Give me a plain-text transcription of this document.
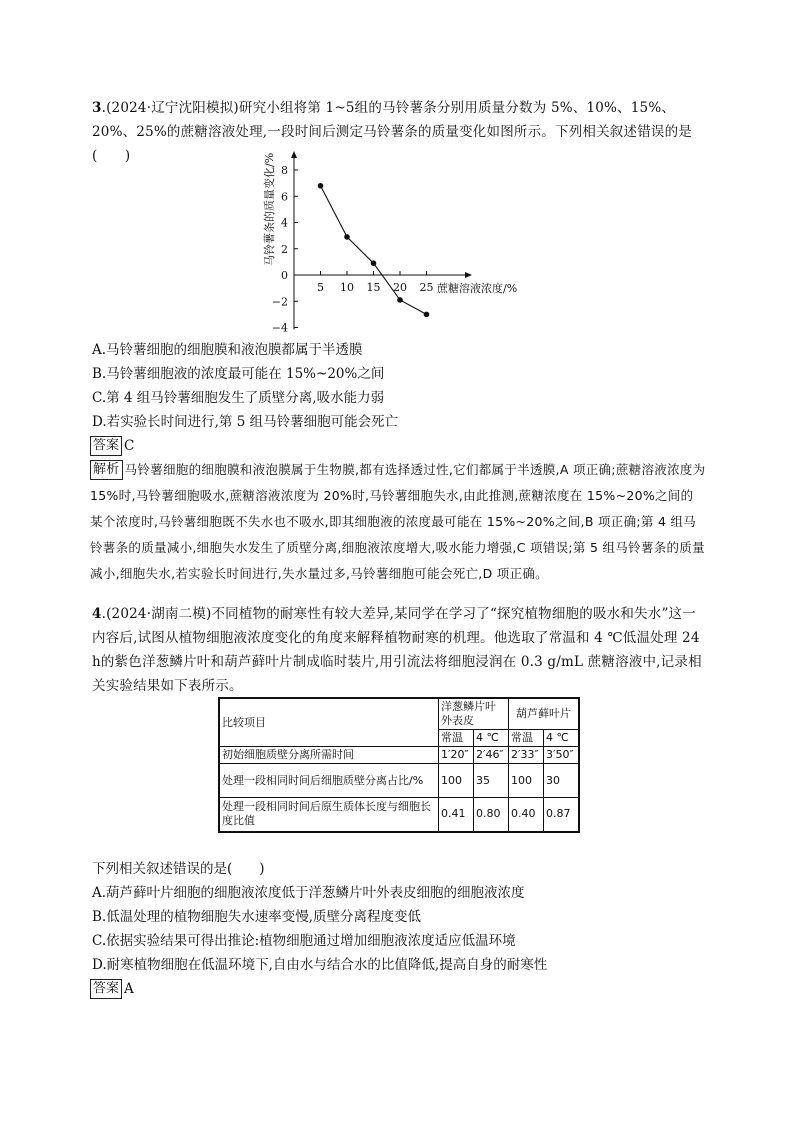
3.(2024·辽宁沈阳模拟)研究小组将第 1~5组的马铃薯条分别用质量分数为 5%、10%、15%、20%、25%的蔗糖溶液处理,一段时间后测定马铃薯条的质量变化如图所示。下列相关叙述错误的是(　　)
8
6
4
2
0
−2
−4
5 10 15 20 25
马铃薯条的质量变化/%
蔗糖溶液浓度/%
A.马铃薯细胞的细胞膜和液泡膜都属于半透膜
B.马铃薯细胞液的浓度最可能在 15%~20%之间
C.第 4 组马铃薯细胞发生了质壁分离,吸水能力弱
D.若实验长时间进行,第 5 组马铃薯细胞可能会死亡
答案 C
解析 马铃薯细胞的细胞膜和液泡膜属于生物膜,都有选择透过性,它们都属于半透膜,A 项正确;蔗糖溶液浓度为 15%时,马铃薯细胞吸水,蔗糖溶液浓度为 20%时,马铃薯细胞失水,由此推测,蔗糖浓度在 15%~20%之间的某个浓度时,马铃薯细胞既不失水也不吸水,即其细胞液的浓度最可能在 15%~20%之间,B 项正确;第 4 组马铃薯条的质量减小,细胞失水发生了质壁分离,细胞液浓度增大,吸水能力增强,C 项错误;第 5 组马铃薯条的质量减小,细胞失水,若实验长时间进行,失水量过多,马铃薯细胞可能会死亡,D 项正确。
4.(2024·湖南二模)不同植物的耐寒性有较大差异,某同学在学习了“探究植物细胞的吸水和失水”这一内容后,试图从植物细胞液浓度变化的角度来解释植物耐寒的机理。他选取了常温和 4 ℃低温处理 24 h的紫色洋葱鳞片叶和葫芦藓叶片制成临时装片,用引流法将细胞浸润在 0.3 g/mL 蔗糖溶液中,记录相关实验结果如下表所示。
比较项目	洋葱鳞片叶外表皮		葫芦藓叶片	
	常温	4 ℃	常温	4 ℃
初始细胞质壁分离所需时间	1′20″	2′46″	2′33″	3′50″
处理一段相同时间后细胞质壁分离占比/%	100	35	100	30
处理一段相同时间后原生质体长度与细胞长度比值	0.41	0.80	0.40	0.87
下列相关叙述错误的是(　　)
A.葫芦藓叶片细胞的细胞液浓度低于洋葱鳞片叶外表皮细胞的细胞液浓度
B.低温处理的植物细胞失水速率变慢,质壁分离程度变低
C.依据实验结果可得出推论:植物细胞通过增加细胞液浓度适应低温环境
D.耐寒植物细胞在低温环境下,自由水与结合水的比值降低,提高自身的耐寒性
答案 A
